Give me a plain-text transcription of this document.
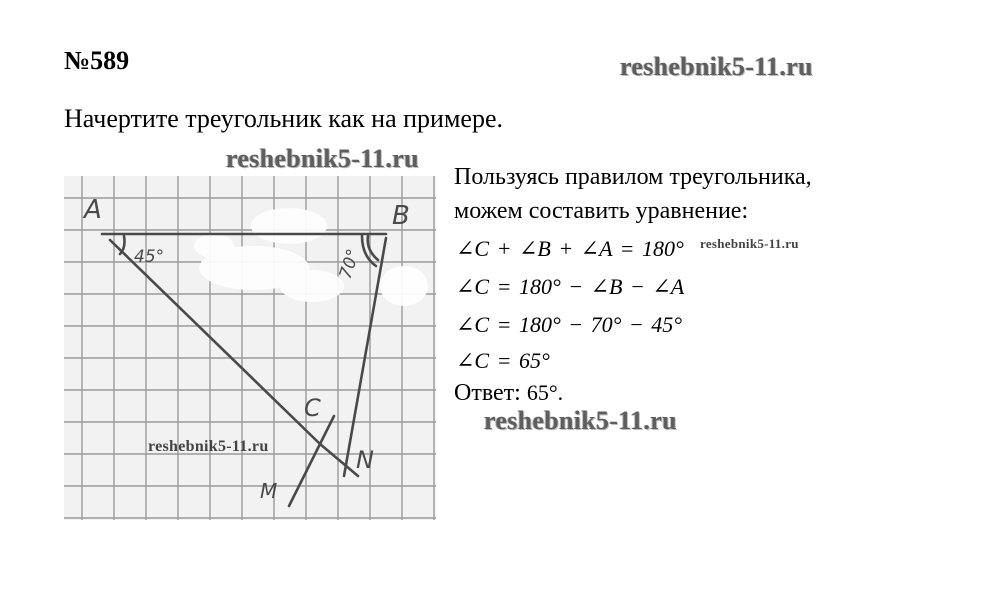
№589
Начертите треугольник как на примере.
A	B
C
N
M
45°	70°
reshebnik5-11.ru
reshebnik5-11.ru
reshebnik5-11.ru
Пользуясь правилом треугольника,
можем составить уравнение:
∠C + ∠B + ∠A = 180° reshebnik5-11.ru
∠C = 180° − ∠B − ∠A
∠C = 180° − 70° − 45°
∠C = 65°
Ответ: 65°.
reshebnik5-11.ru
